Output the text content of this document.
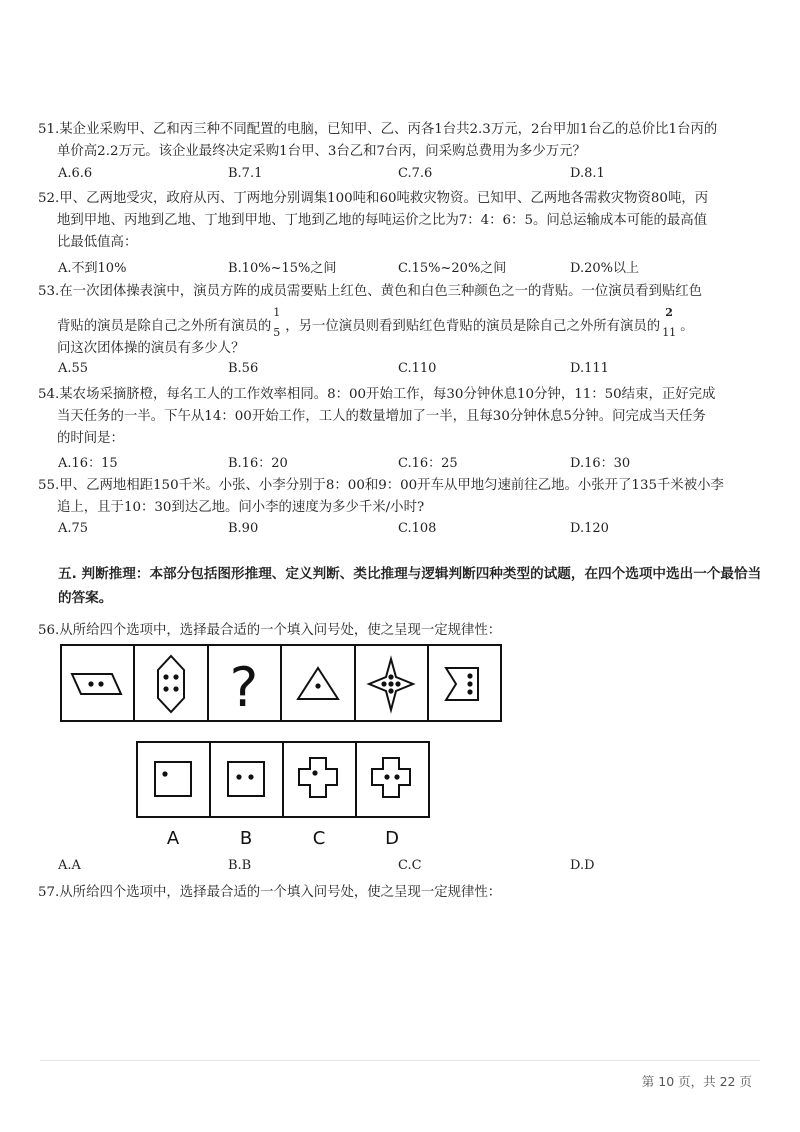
51.某企业采购甲、乙和丙三种不同配置的电脑，已知甲、乙、丙各1台共2.3万元，2台甲加1台乙的总价比1台丙的

单价高2.2万元。该企业最终决定采购1台甲、3台乙和7台丙，问采购总费用为多少万元？

A.6.6	B.7.1	C.7.6	D.8.1

52.甲、乙两地受灾，政府从丙、丁两地分别调集100吨和60吨救灾物资。已知甲、乙两地各需救灾物资80吨，丙

地到甲地、丙地到乙地、丁地到甲地、丁地到乙地的每吨运价之比为7：4：6：5。问总运输成本可能的最高值

比最低值高：

A.不到10%	B.10%~15%之间	C.15%~20%之间	D.20%以上

53.在一次团体操表演中，演员方阵的成员需要贴上红色、黄色和白色三种颜色之一的背贴。一位演员看到贴红色

背贴的演员是除自己之外所有演员的
1
5 ，另一位演员则看到贴红色背贴的演员是除自己之外所有演员的
2
11 。

问这次团体操的演员有多少人？

A.55	B.56	C.110	D.111

54.某农场采摘脐橙，每名工人的工作效率相同。8：00开始工作，每30分钟休息10分钟，11：50结束，正好完成

当天任务的一半。下午从14：00开始工作，工人的数量增加了一半，且每30分钟休息5分钟。问完成当天任务

的时间是：

A.16：15	B.16：20	C.16：25	D.16：30

55.甲、乙两地相距150千米。小张、小李分别于8：00和9：00开车从甲地匀速前往乙地。小张开了135千米被小李

追上，且于10：30到达乙地。问小李的速度为多少千米/小时?

A.75	B.90	C.108	D.120
五. 判断推理：本部分包括图形推理、定义判断、类比推理与逻辑判断四种类型的试题，在四个选项中选出一个最恰当的答案。

56.从所给四个选项中，选择最合适的一个填入问号处，使之呈现一定规律性：

?
A	B	C	D
A.A	B.B	C.C	D.D

57.从所给四个选项中，选择最合适的一个填入问号处，使之呈现一定规律性：

第 10 页，共 22 页
